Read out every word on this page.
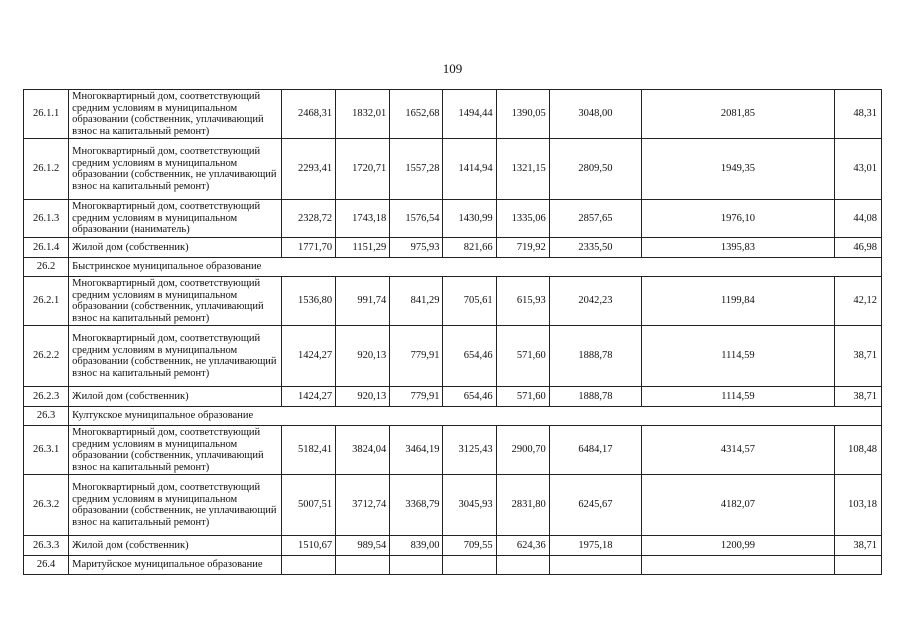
109
26.1.1	Многоквартирный дом, соответствующий средним условиям в муниципальном образовании (собственник, уплачивающий взнос на капитальный ремонт)	2468,31	1832,01	1652,68	1494,44	1390,05	3048,00	2081,85	48,31
26.1.2	Многоквартирный дом, соответствующий средним условиям в муниципальном образовании (собственник, не уплачивающий взнос на капитальный ремонт)	2293,41	1720,71	1557,28	1414,94	1321,15	2809,50	1949,35	43,01
26.1.3	Многоквартирный дом, соответствующий средним условиям в муниципальном образовании (наниматель)	2328,72	1743,18	1576,54	1430,99	1335,06	2857,65	1976,10	44,08
26.1.4	Жилой дом (собственник)	1771,70	1151,29	975,93	821,66	719,92	2335,50	1395,83	46,98
26.2	Быстринское муниципальное образование								
26.2.1	Многоквартирный дом, соответствующий средним условиям в муниципальном образовании (собственник, уплачивающий взнос на капитальный ремонт)	1536,80	991,74	841,29	705,61	615,93	2042,23	1199,84	42,12
26.2.2	Многоквартирный дом, соответствующий средним условиям в муниципальном образовании (собственник, не уплачивающий взнос на капитальный ремонт)	1424,27	920,13	779,91	654,46	571,60	1888,78	1114,59	38,71
26.2.3	Жилой дом (собственник)	1424,27	920,13	779,91	654,46	571,60	1888,78	1114,59	38,71
26.3	Култукское муниципальное образование								
26.3.1	Многоквартирный дом, соответствующий средним условиям в муниципальном образовании (собственник, уплачивающий взнос на капитальный ремонт)	5182,41	3824,04	3464,19	3125,43	2900,70	6484,17	4314,57	108,48
26.3.2	Многоквартирный дом, соответствующий средним условиям в муниципальном образовании (собственник, не уплачивающий взнос на капитальный ремонт)	5007,51	3712,74	3368,79	3045,93	2831,80	6245,67	4182,07	103,18
26.3.3	Жилой дом (собственник)	1510,67	989,54	839,00	709,55	624,36	1975,18	1200,99	38,71
26.4	Маритуйское муниципальное образование								
